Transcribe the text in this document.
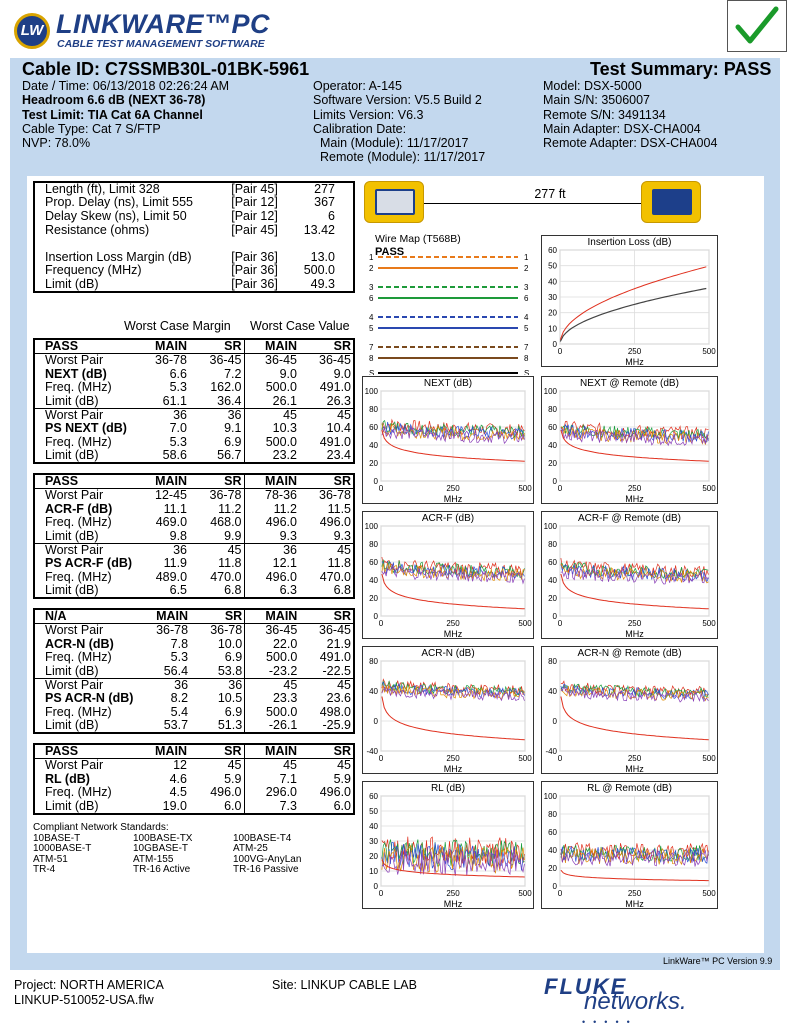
LW LINKWARE™PC
CABLE TEST MANAGEMENT SOFTWARE
Cable ID: C7SSMB30L-01BK-5961	Test Summary: PASS
Date / Time: 06/13/2018 02:26:24 AM
Headroom 6.6 dB (NEXT 36-78)
Test Limit: TIA Cat 6A Channel
Cable Type: Cat 7 S/FTP
NVP: 78.0%
Operator: A-145
Software Version: V5.5 Build 2
Limits Version: V6.3
Calibration Date:
Main (Module): 11/17/2017
Remote (Module): 11/17/2017
Model: DSX-5000
Main S/N: 3506007
Remote S/N: 3491134
Main Adapter: DSX-CHA004
Remote Adapter: DSX-CHA004
Length (ft), Limit 328	[Pair 45]	277
Prop. Delay (ns), Limit 555	[Pair 12]	367
Delay Skew (ns), Limit 50	[Pair 12]	6
Resistance (ohms)	[Pair 45]	13.42

Insertion Loss Margin (dB)	[Pair 36]	13.0
Frequency (MHz)	[Pair 36]	500.0
Limit (dB)	[Pair 36]	49.3
Worst Case Margin Worst Case Value
PASS	MAIN	SR	MAIN	SR
Worst Pair	36-78	36-45	36-45	36-45
NEXT (dB)	6.6	7.2	9.0	9.0
Freq. (MHz)	5.3	162.0	500.0	491.0
Limit (dB)	61.1	36.4	26.1	26.3
Worst Pair	36	36	45	45
PS NEXT (dB)	7.0	9.1	10.3	10.4
Freq. (MHz)	5.3	6.9	500.0	491.0
Limit (dB)	58.6	56.7	23.2	23.4
PASS	MAIN	SR	MAIN	SR
Worst Pair	12-45	36-78	78-36	36-78
ACR-F (dB)	11.1	11.2	11.2	11.5
Freq. (MHz)	469.0	468.0	496.0	496.0
Limit (dB)	9.8	9.9	9.3	9.3
Worst Pair	36	45	36	45
PS ACR-F (dB)	11.9	11.8	12.1	11.8
Freq. (MHz)	489.0	470.0	496.0	470.0
Limit (dB)	6.5	6.8	6.3	6.8
N/A	MAIN	SR	MAIN	SR
Worst Pair	36-78	36-78	36-45	36-45
ACR-N (dB)	7.8	10.0	22.0	21.9
Freq. (MHz)	5.3	6.9	500.0	491.0
Limit (dB)	56.4	53.8	-23.2	-22.5
Worst Pair	36	36	45	45
PS ACR-N (dB)	8.2	10.5	23.3	23.6
Freq. (MHz)	5.4	6.9	500.0	498.0
Limit (dB)	53.7	51.3	-26.1	-25.9
PASS	MAIN	SR	MAIN	SR
Worst Pair	12	45	45	45
RL (dB)	4.6	5.9	7.1	5.9
Freq. (MHz)	4.5	496.0	296.0	496.0
Limit (dB)	19.0	6.0	7.3	6.0
Compliant Network Standards:
10BASE-T	100BASE-TX	100BASE-T4
1000BASE-T	10GBASE-T	ATM-25
ATM-51	ATM-155	100VG-AnyLan
TR-4	TR-16 Active	TR-16 Passive
277 ft
Wire Map (T568B)
PASS
1	1
2	2
3	3
6	6
4	4
5	5
7	7
8	8
S	S
Insertion Loss (dB)
0
10
20
30
40
50
60
0	250	500
MHz
NEXT (dB)
0
20
40
60
80
100
0	250	500
MHz
NEXT @ Remote (dB)
0
20
40
60
80
100
0	250	500
MHz
ACR-F (dB)
0
20
40
60
80
100
0	250	500
MHz
ACR-F @ Remote (dB)
0
20
40
60
80
100
0	250	500
MHz
ACR-N (dB)
-40
0
40
80
0	250	500
MHz
ACR-N @ Remote (dB)
-40
0
40
80
0	250	500
MHz
RL (dB)
0
10
20
30
40
50
60
0	250	500
MHz
RL @ Remote (dB)
0
20
40
60
80
100
0	250	500
MHz
LinkWare™ PC Version 9.9
Project: NORTH AMERICA
LINKUP-510052-USA.flw
Site: LINKUP CABLE LAB	FLUKE
networks.
•••••
